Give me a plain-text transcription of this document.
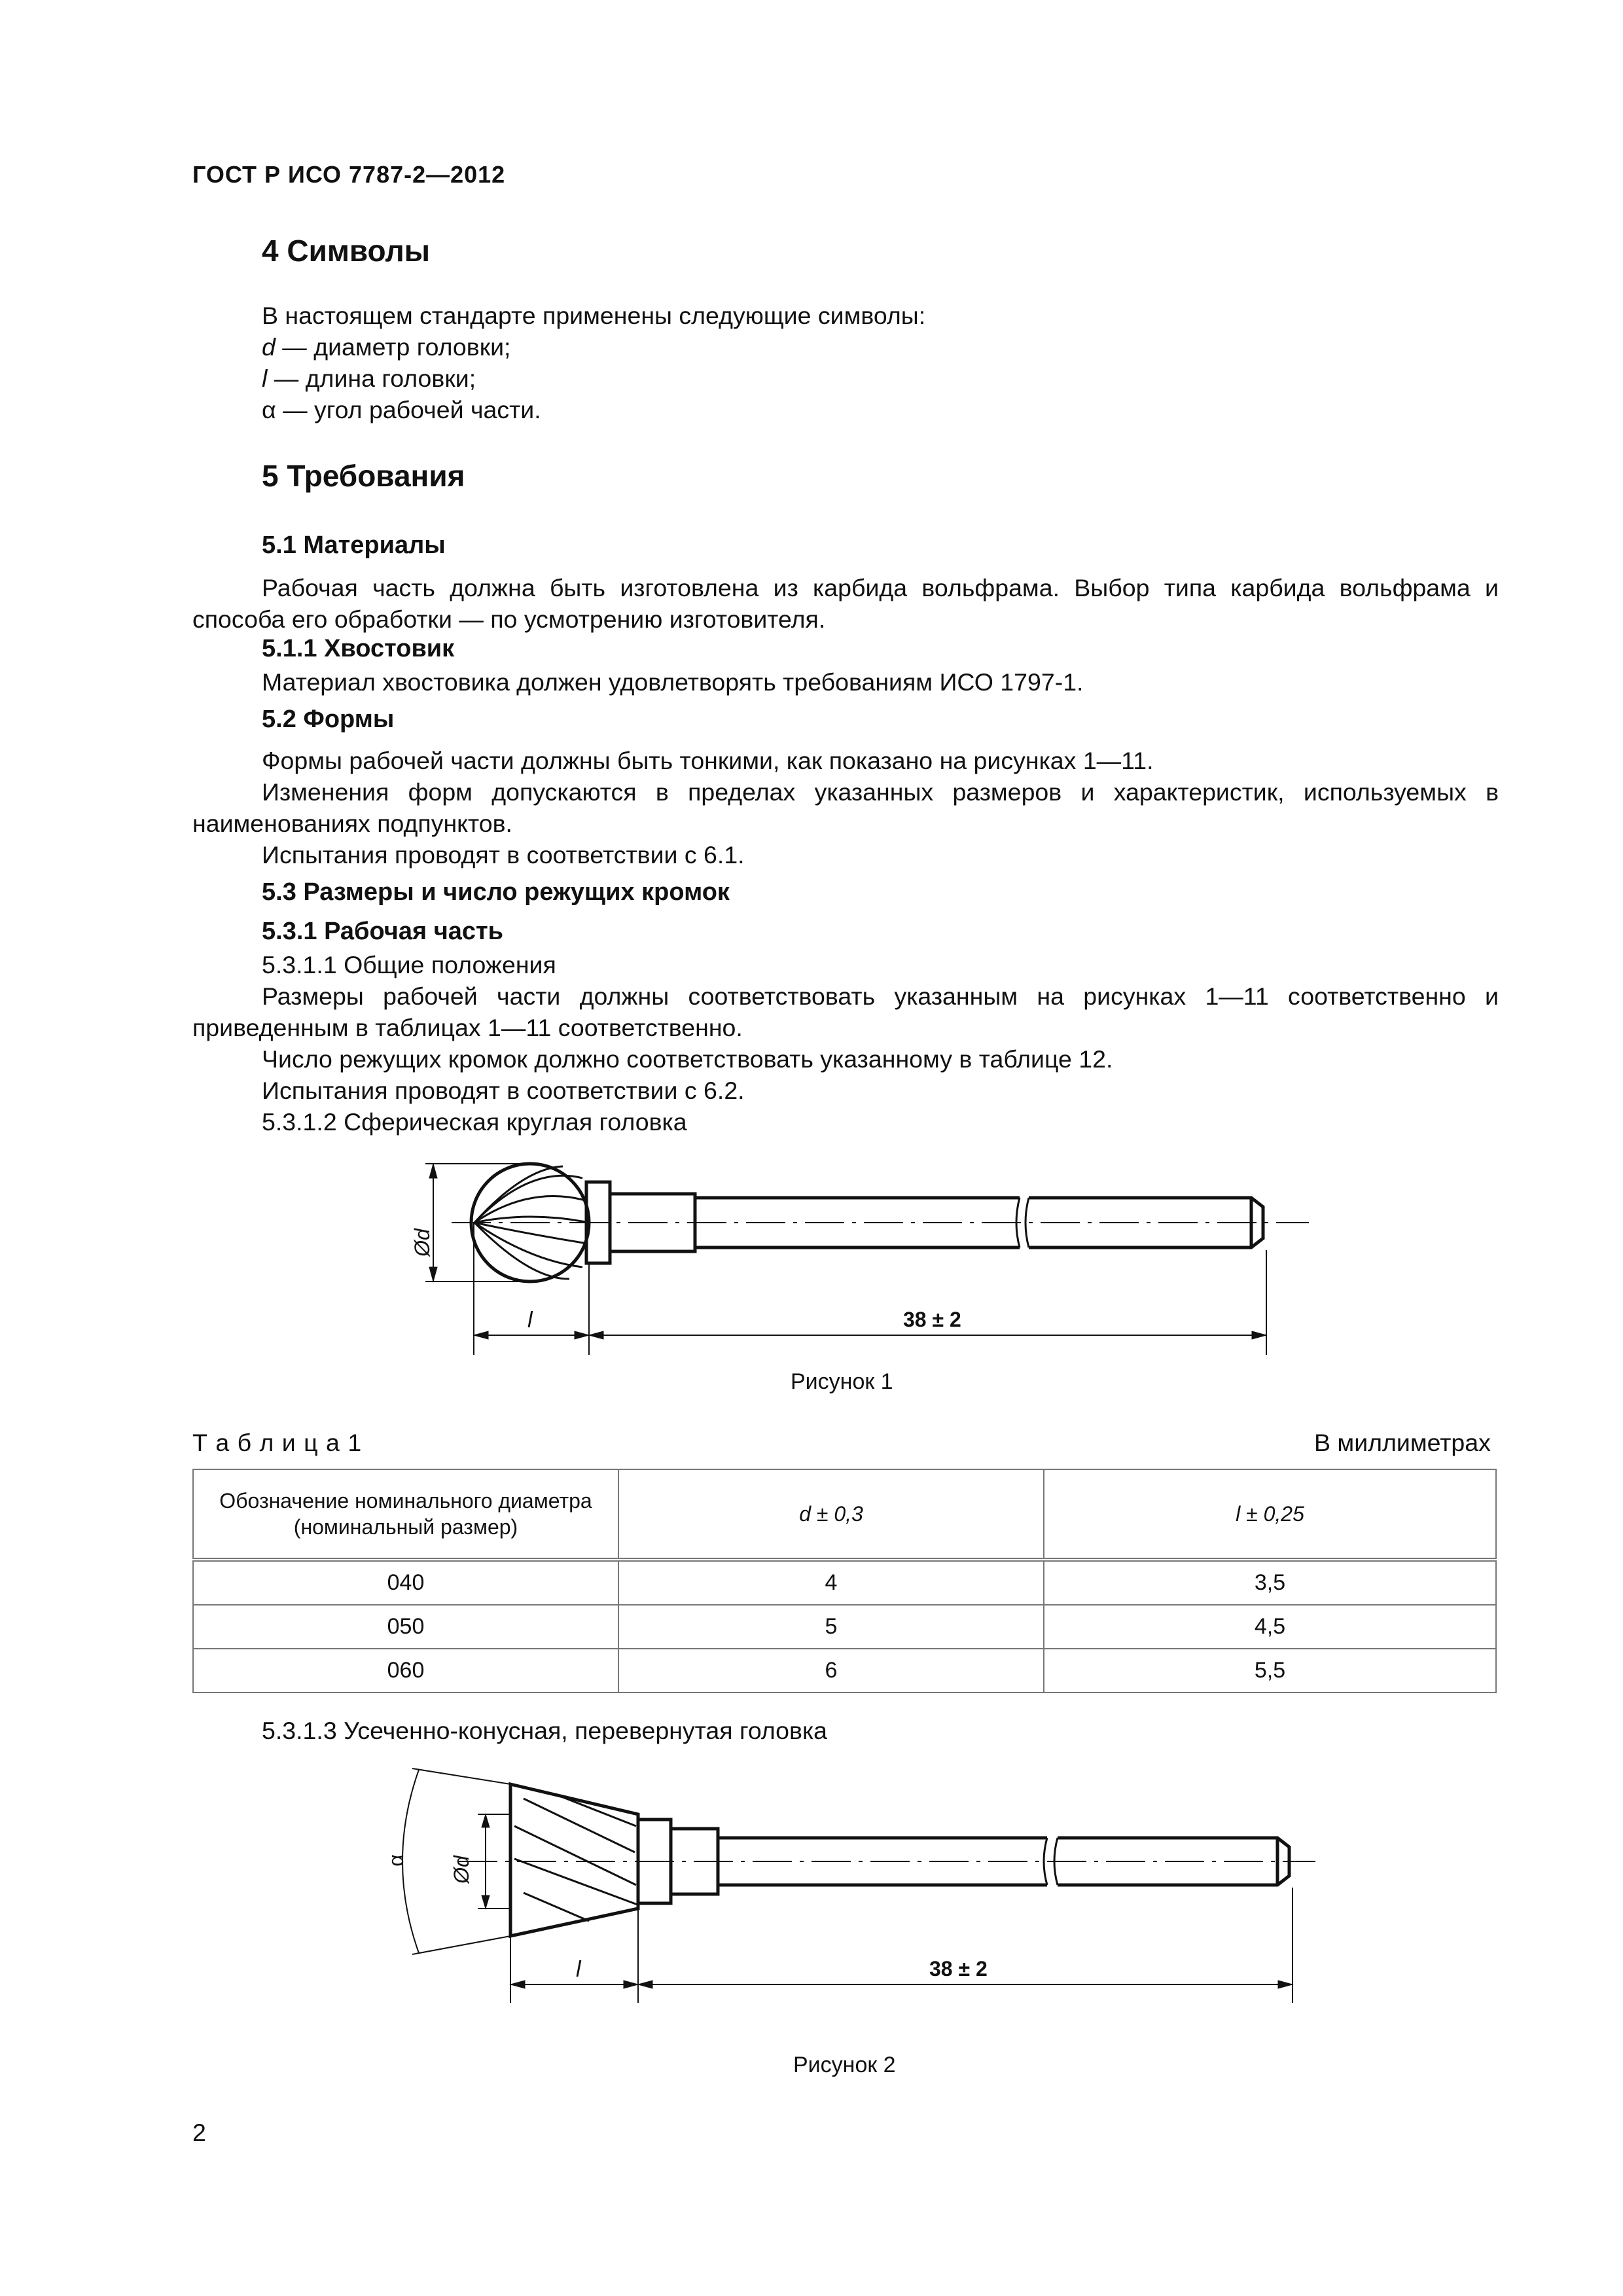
ГОСТ Р ИСО 7787-2—2012
4 Символы
В настоящем стандарте применены следующие символы:
d — диаметр головки;
l — длина головки;
α — угол рабочей части.
5 Требования
5.1 Материалы
Рабочая часть должна быть изготовлена из карбида вольфрама. Выбор типа карбида вольфрама и способа его обработки — по усмотрению изготовителя.
5.1.1 Хвостовик
Материал хвостовика должен удовлетворять требованиям ИСО 1797-1.
5.2 Формы
Формы рабочей части должны быть тонкими, как показано на рисунках 1—11.
Изменения форм допускаются в пределах указанных размеров и характеристик, используемых в наименованиях подпунктов.
Испытания проводят в соответствии с 6.1.
5.3 Размеры и число режущих кромок
5.3.1 Рабочая часть
5.3.1.1 Общие положения
Размеры рабочей части должны соответствовать указанным на рисунках 1—11 соответственно и приведенным в таблицах 1—11 соответственно.
Число режущих кромок должно соответствовать указанному в таблице 12.
Испытания проводят в соответствии с 6.2.
5.3.1.2 Сферическая круглая головка
Ød
l	38 ± 2
Рисунок 1
Т а б л и ц а 1	В миллиметрах
Обозначение номинального диаметра (номинальный размер)	d ± 0,3	l ± 0,25
040	4	3,5
050	5	4,5
060	6	5,5
5.3.1.3 Усеченно-конусная, перевернутая головка
α Ød
l	38 ± 2
Рисунок 2
2
